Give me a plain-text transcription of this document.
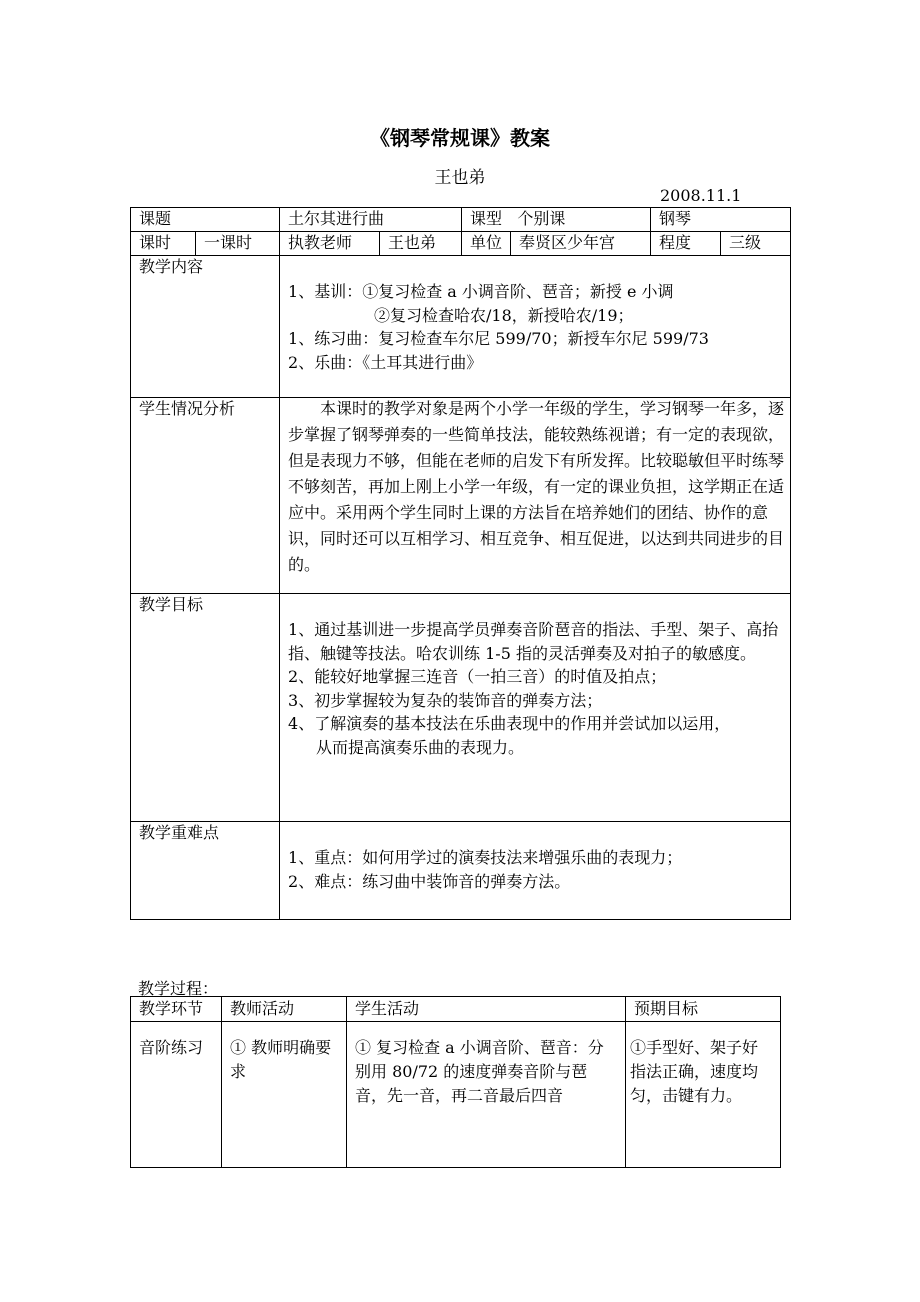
《钢琴常规课》教案
王也弟
2008.11.1
课题		土尔其进行曲		课型 个别课		钢琴	
课时	一课时	执教老师	王也弟	单位	奉贤区少年宫	程度	三级
教学内容		1、基训：①复习检查 a 小调音阶、琶音；新授 e 小调
②复习检查哈农/18，新授哈农/19；
1、练习曲：复习检查车尔尼 599/70；新授车尔尼 599/73
2、乐曲：《土耳其进行曲》					

学生情况分析		本课时的教学对象是两个小学一年级的学生，学习钢琴一年多，逐步掌握了钢琴弹奏的一些简单技法，能较熟练视谱；有一定的表现欲，但是表现力不够，但能在老师的启发下有所发挥。比较聪敏但平时练琴不够刻苦，再加上刚上小学一年级，有一定的课业负担，这学期正在适应中。采用两个学生同时上课的方法旨在培养她们的团结、协作的意识，同时还可以互相学习、相互竞争、相互促进，以达到共同进步的目的。					

教学目标		1、通过基训进一步提高学员弹奏音阶琶音的指法、手型、架子、高抬指、触键等技法。哈农训练 1-5 指的灵活弹奏及对拍子的敏感度。
2、能较好地掌握三连音（一拍三音）的时值及拍点；
3、初步掌握较为复杂的装饰音的弹奏方法；
4、了解演奏的基本技法在乐曲表现中的作用并尝试加以运用，
从而提高演奏乐曲的表现力。					

教学重难点		1、重点：如何用学过的演奏技法来增强乐曲的表现力；
2、难点：练习曲中装饰音的弹奏方法。					
教学过程：
教学环节	教师活动	学生活动	预期目标
音阶练习	① 教师明确要求	① 复习检查 a 小调音阶、琶音：分别用 80/72 的速度弹奏音阶与琶音，先一音，再二音最后四音	①手型好、架子好 指法正确，速度均匀，击键有力。
